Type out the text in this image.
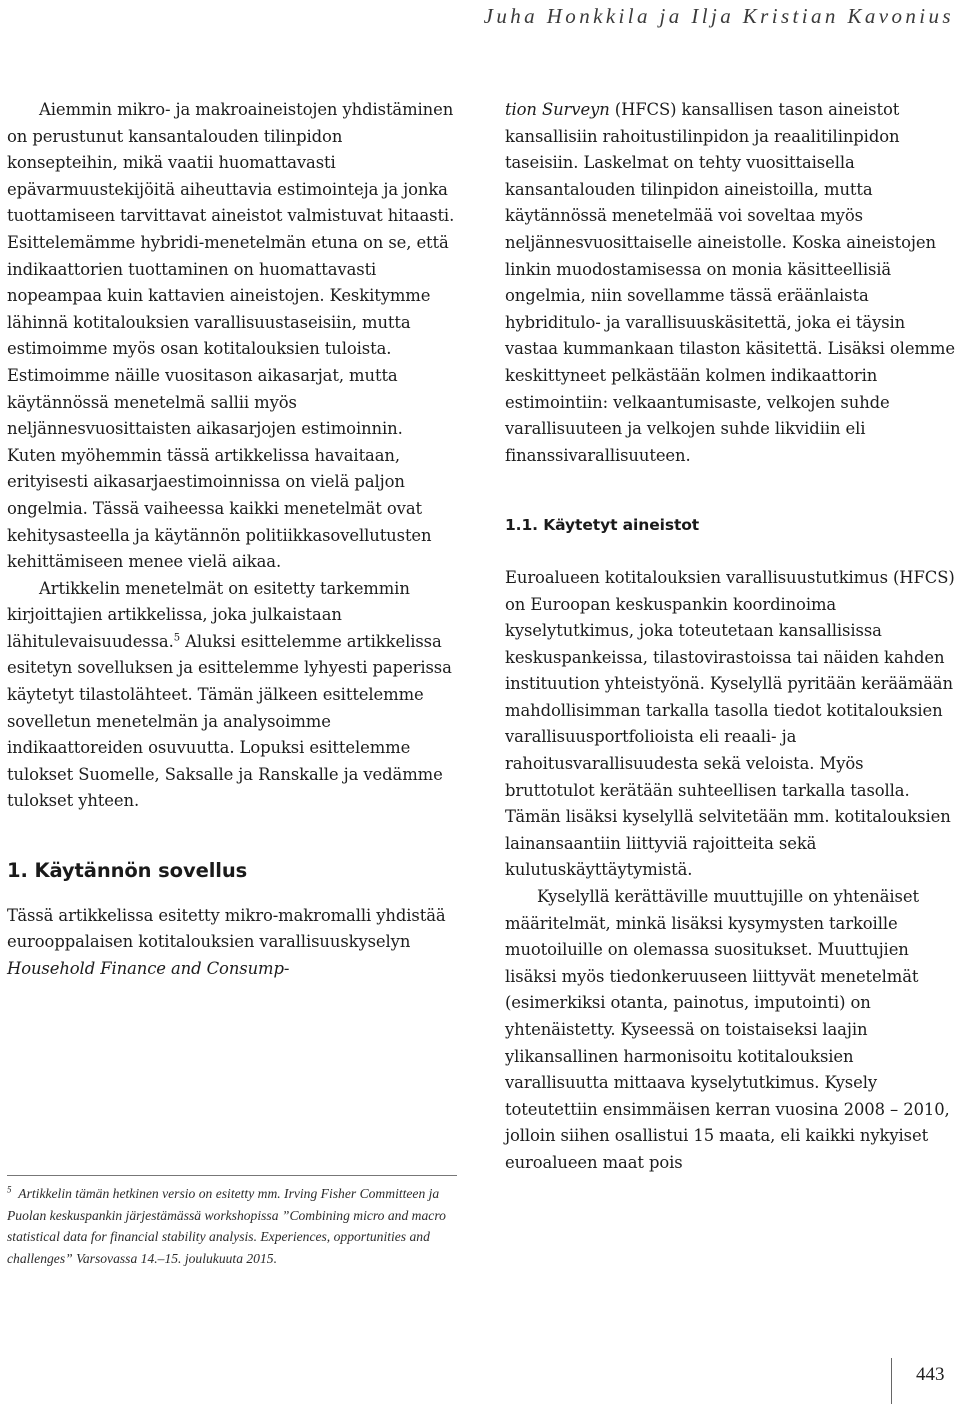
Juha Honkkila ja Ilja Kristian Kavonius

Aiemmin mikro- ja makroaineistojen yhdistäminen on perustunut kansantalouden tilinpidon konsepteihin, mikä vaatii huomattavasti epävarmuustekijöitä aiheuttavia estimointeja ja jonka tuottamiseen tarvittavat aineistot valmistuvat hitaasti. Esittelemämme hybridi-menetelmän etuna on se, että indikaattorien tuottaminen on huomattavasti nopeampaa kuin kattavien aineistojen. Keskitymme lähinnä kotitalouksien varallisuustaseisiin, mutta estimoimme myös osan kotitalouksien tuloista. Estimoimme näille vuositason aikasarjat, mutta käytännössä menetelmä sallii myös neljännesvuosittaisten aikasarjojen estimoinnin. Kuten myöhemmin tässä artikkelissa havaitaan, erityisesti aikasarjaestimoinnissa on vielä paljon ongelmia. Tässä vaiheessa kaikki menetelmät ovat kehitysasteella ja käytännön politiikkasovellutusten kehittämiseen menee vielä aikaa.

Artikkelin menetelmät on esitetty tarkemmin kirjoittajien artikkelissa, joka julkaistaan lähitulevaisuudessa.$^5$ Aluksi esittelemme artikkelissa esitetyn sovelluksen ja esittelemme lyhyesti paperissa käytetyt tilastolähteet. Tämän jälkeen esittelemme sovelletun menetelmän ja analysoimme indikaattoreiden osuvuutta. Lopuksi esittelemme tulokset Suomelle, Saksalle ja Ranskalle ja vedämme tulokset yhteen.

1. Käytännön sovellus

Tässä artikkelissa esitetty mikro-makromalli yhdistää eurooppalaisen kotitalouksien varallisuuskyselyn Household Finance and Consump-

tion Surveyn (HFCS) kansallisen tason aineistot kansallisiin rahoitustilinpidon ja reaalitilinpidon taseisiin. Laskelmat on tehty vuosittaisella kansantalouden tilinpidon aineistoilla, mutta käytännössä menetelmää voi soveltaa myös neljännesvuosittaiselle aineistolle. Koska aineistojen linkin muodostamisessa on monia käsitteellisiä ongelmia, niin sovellamme tässä eräänlaista hybriditulo- ja varallisuuskäsitettä, joka ei täysin vastaa kummankaan tilaston käsitettä. Lisäksi olemme keskittyneet pelkästään kolmen indikaattorin estimointiin: velkaantumisaste, velkojen suhde varallisuuteen ja velkojen suhde likvidiin eli finanssivarallisuuteen.

1.1. Käytetyt aineistot

Euroalueen kotitalouksien varallisuustutkimus (HFCS) on Euroopan keskuspankin koordinoima kyselytutkimus, joka toteutetaan kansallisissa keskuspankeissa, tilastovirastoissa tai näiden kahden instituution yhteistyönä. Kyselyllä pyritään keräämään mahdollisimman tarkalla tasolla tiedot kotitalouksien varallisuusportfolioista eli reaali- ja rahoitusvarallisuudesta sekä veloista. Myös bruttotulot kerätään suhteellisen tarkalla tasolla. Tämän lisäksi kyselyllä selvitetään mm. kotitalouksien lainansaantiin liittyviä rajoitteita sekä kulutuskäyttäytymistä.

Kyselyllä kerättäville muuttujille on yhtenäiset määritelmät, minkä lisäksi kysymysten tarkoille muotoiluille on olemassa suositukset. Muuttujien lisäksi myös tiedonkeruuseen liittyvät menetelmät (esimerkiksi otanta, painotus, imputointi) on yhtenäistetty. Kyseessä on toistaiseksi laajin ylikansallinen harmonisoitu kotitalouksien varallisuutta mittaava kyselytutkimus. Kysely toteutettiin ensimmäisen kerran vuosina 2008 – 2010, jolloin siihen osallistui 15 maata, eli kaikki nykyiset euroalueen maat pois

$^5$ Artikkelin tämän hetkinen versio on esitetty mm. Irving Fisher Committeen ja Puolan keskuspankin järjestämässä workshopissa ”Combining micro and macro statistical data for financial stability analysis. Experiences, opportunities and challenges” Varsovassa 14.–15. joulukuuta 2015.
443
